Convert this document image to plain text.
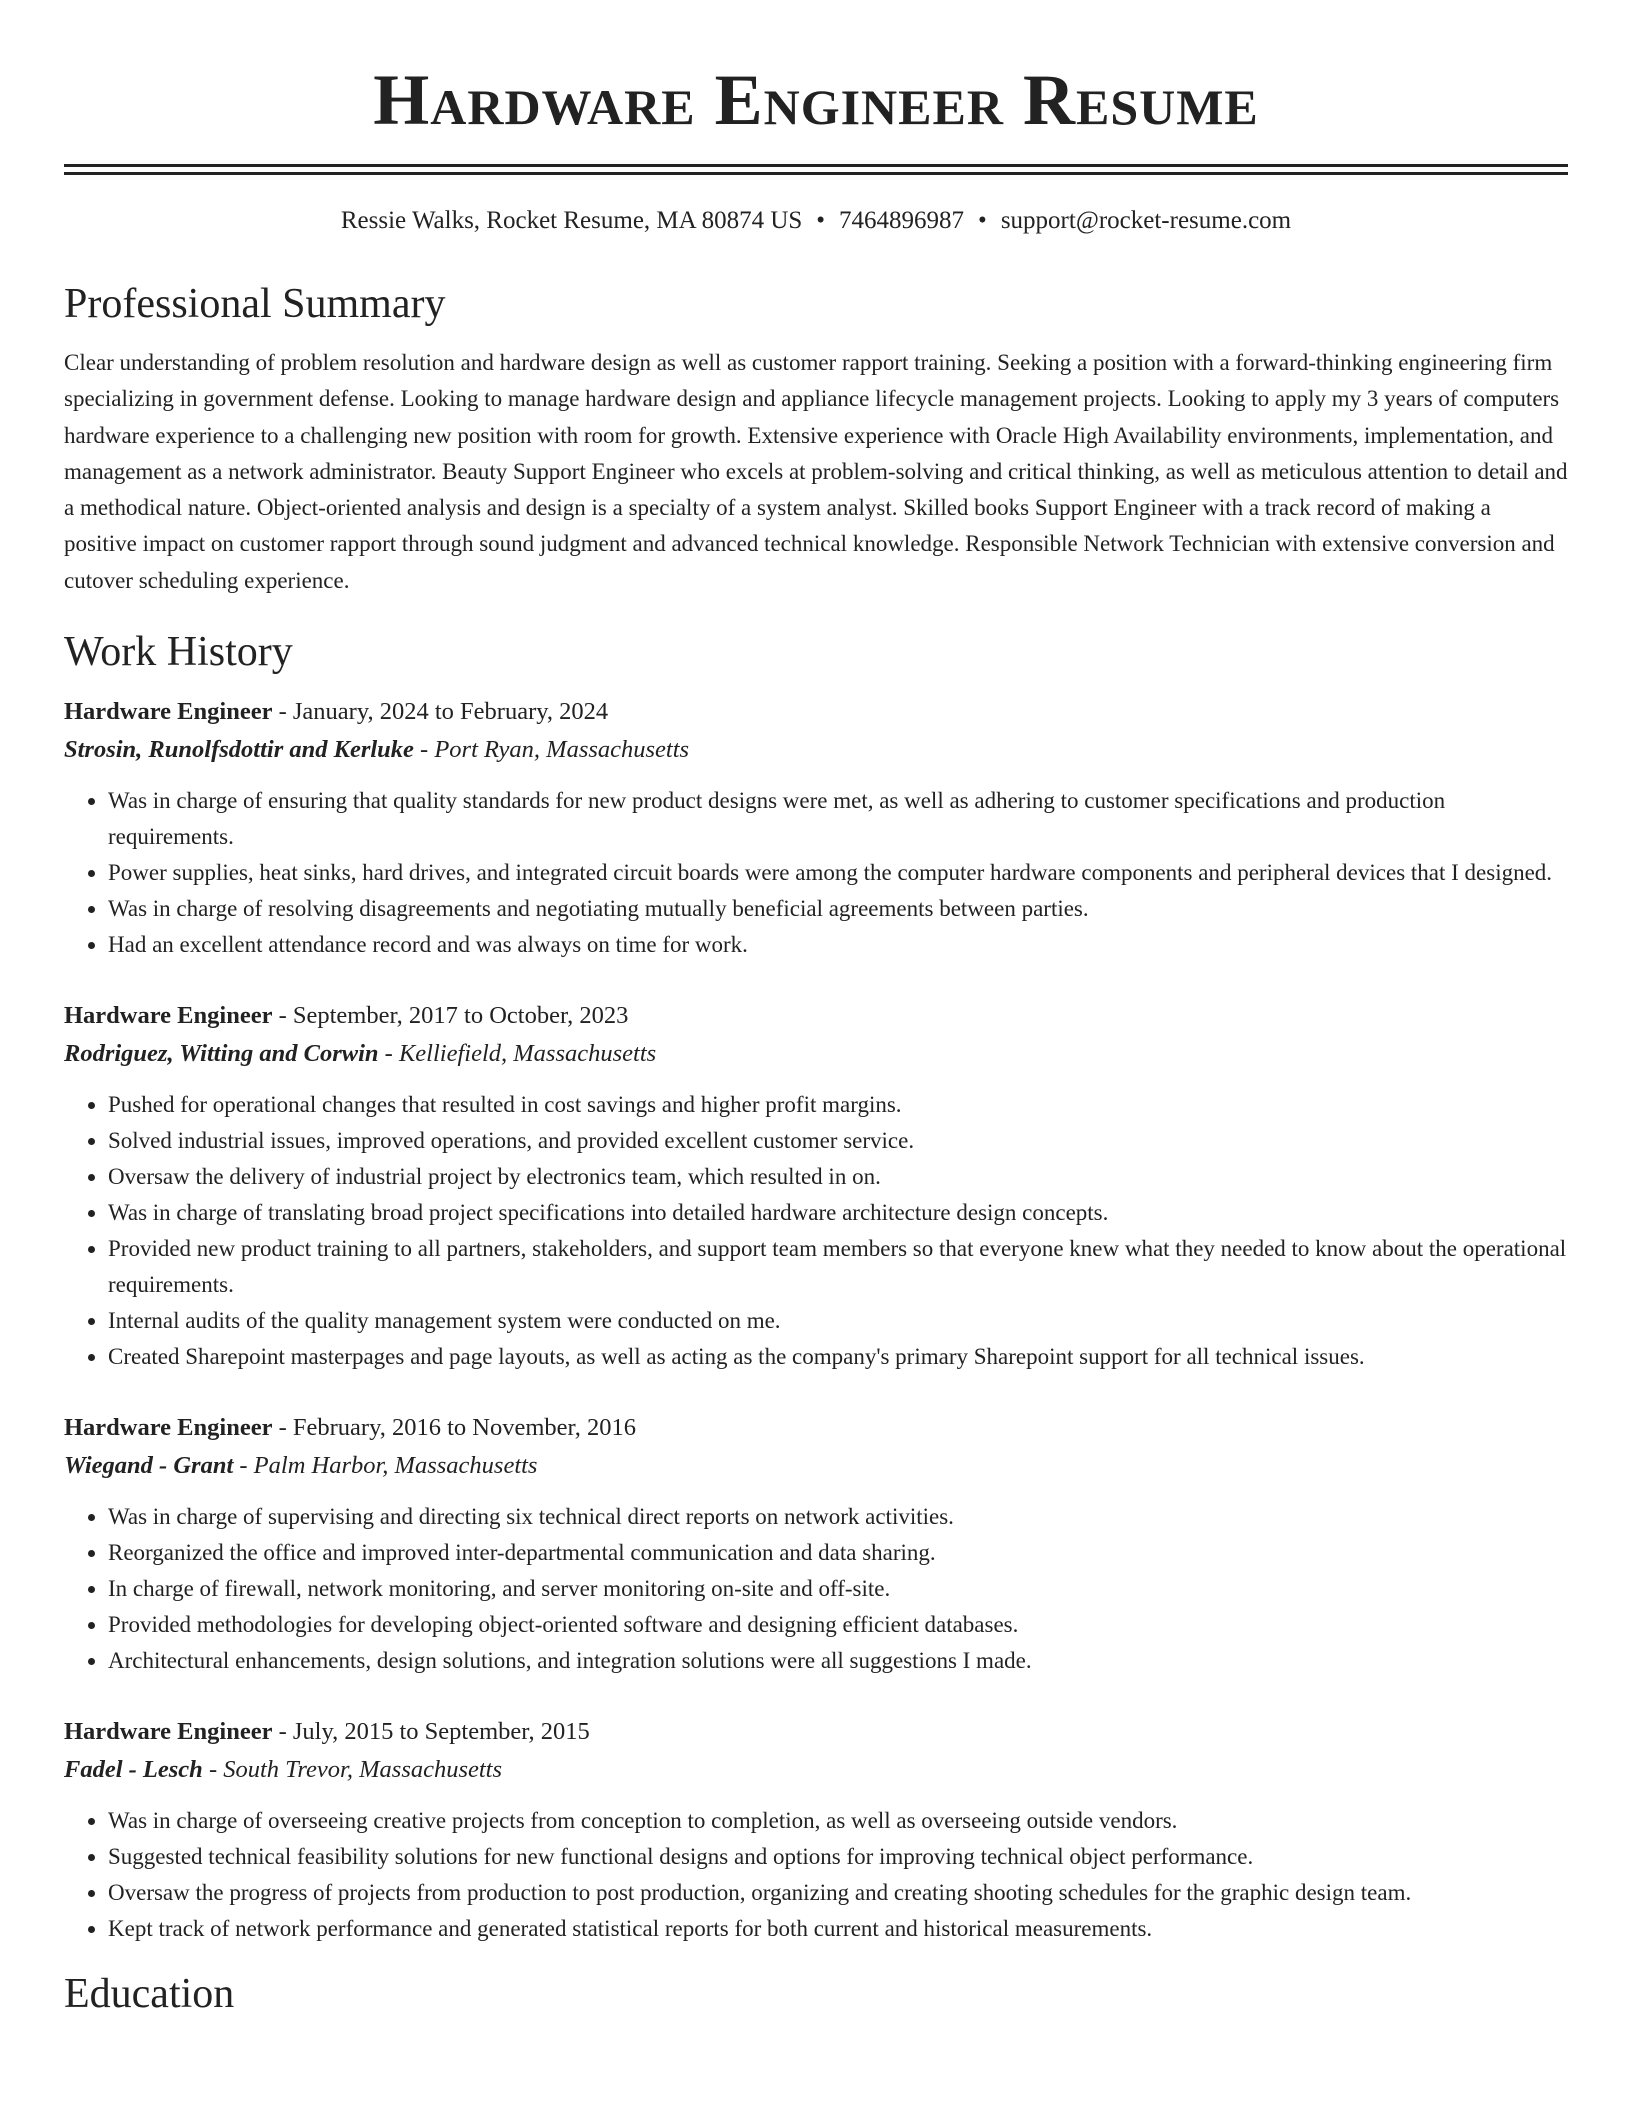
Hardware Engineer Resume
Ressie Walks, Rocket Resume, MA 80874 US • 7464896987 • support@rocket-resume.com
Professional Summary

Clear understanding of problem resolution and hardware design as well as customer rapport training. Seeking a position with a forward-thinking engineering firm specializing in government defense. Looking to manage hardware design and appliance lifecycle management projects. Looking to apply my 3 years of computers hardware experience to a challenging new position with room for growth. Extensive experience with Oracle High Availability environments, implementation, and management as a network administrator. Beauty Support Engineer who excels at problem-solving and critical thinking, as well as meticulous attention to detail and a methodical nature. Object-oriented analysis and design is a specialty of a system analyst. Skilled books Support Engineer with a track record of making a positive impact on customer rapport through sound judgment and advanced technical knowledge. Responsible Network Technician with extensive conversion and cutover scheduling experience.

Work History
Hardware Engineer - January, 2024 to February, 2024
Strosin, Runolfsdottir and Kerluke - Port Ryan, Massachusetts
• Was in charge of ensuring that quality standards for new product designs were met, as well as adhering to customer specifications and production requirements.
• Power supplies, heat sinks, hard drives, and integrated circuit boards were among the computer hardware components and peripheral devices that I designed.
• Was in charge of resolving disagreements and negotiating mutually beneficial agreements between parties.
• Had an excellent attendance record and was always on time for work.
Hardware Engineer - September, 2017 to October, 2023
Rodriguez, Witting and Corwin - Kelliefield, Massachusetts
• Pushed for operational changes that resulted in cost savings and higher profit margins.
• Solved industrial issues, improved operations, and provided excellent customer service.
• Oversaw the delivery of industrial project by electronics team, which resulted in on.
• Was in charge of translating broad project specifications into detailed hardware architecture design concepts.
• Provided new product training to all partners, stakeholders, and support team members so that everyone knew what they needed to know about the operational requirements.
• Internal audits of the quality management system were conducted on me.
• Created Sharepoint masterpages and page layouts, as well as acting as the company's primary Sharepoint support for all technical issues.
Hardware Engineer - February, 2016 to November, 2016
Wiegand - Grant - Palm Harbor, Massachusetts
• Was in charge of supervising and directing six technical direct reports on network activities.
• Reorganized the office and improved inter-departmental communication and data sharing.
• In charge of firewall, network monitoring, and server monitoring on-site and off-site.
• Provided methodologies for developing object-oriented software and designing efficient databases.
• Architectural enhancements, design solutions, and integration solutions were all suggestions I made.
Hardware Engineer - July, 2015 to September, 2015
Fadel - Lesch - South Trevor, Massachusetts
• Was in charge of overseeing creative projects from conception to completion, as well as overseeing outside vendors.
• Suggested technical feasibility solutions for new functional designs and options for improving technical object performance.
• Oversaw the progress of projects from production to post production, organizing and creating shooting schedules for the graphic design team.
• Kept track of network performance and generated statistical reports for both current and historical measurements.
Education
